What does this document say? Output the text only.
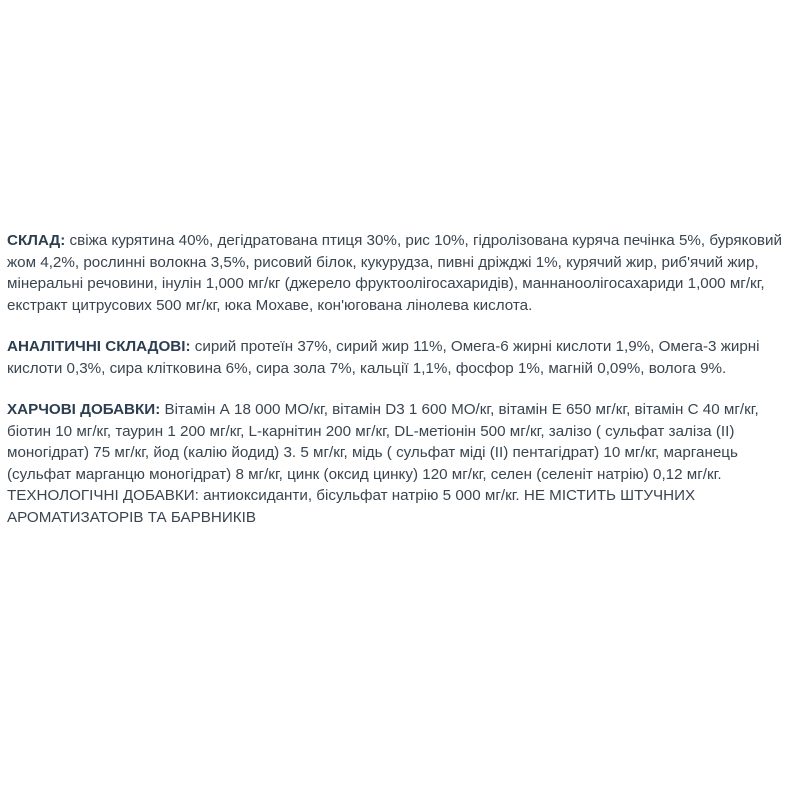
СКЛАД: свіжа курятина 40%, дегідратована птиця 30%, рис 10%, гідролізована куряча печінка 5%, буряковий жом 4,2%, рослинні волокна 3,5%, рисовий білок, кукурудза, пивні дріжджі 1%, курячий жир, риб'ячий жир, мінеральні речовини, інулін 1,000 мг/кг (джерело фруктоолігосахаридів), маннаноолігосахариди 1,000 мг/кг, екстракт цитрусових 500 мг/кг, юка Мохаве, кон'югована лінолева кислота.

АНАЛІТИЧНІ СКЛАДОВІ: сирий протеїн 37%, сирий жир 11%, Омега-6 жирні кислоти 1,9%, Омега-3 жирні кислоти 0,3%, сира клітковина 6%, сира зола 7%, кальції 1,1%, фосфор 1%, магній 0,09%, волога 9%.

ХАРЧОВІ ДОБАВКИ: Вітамін А 18 000 МО/кг, вітамін D3 1 600 МО/кг, вітамін Е 650 мг/кг, вітамін С 40 мг/кг, біотин 10 мг/кг, таурин 1 200 мг/кг, L-карнітин 200 мг/кг, DL-метіонін 500 мг/кг, залізо ( сульфат заліза (II) моногідрат) 75 мг/кг, йод (калію йодид) 3. 5 мг/кг, мідь ( сульфат міді (II) пентагідрат) 10 мг/кг, марганець (сульфат марганцю моногідрат) 8 мг/кг, цинк (оксид цинку) 120 мг/кг, селен (селеніт натрію) 0,12 мг/кг. ТЕХНОЛОГІЧНІ ДОБАВКИ: антиоксиданти, бісульфат натрію 5 000 мг/кг. НЕ МІСТИТЬ ШТУЧНИХ АРОМАТИЗАТОРІВ ТА БАРВНИКІВ
